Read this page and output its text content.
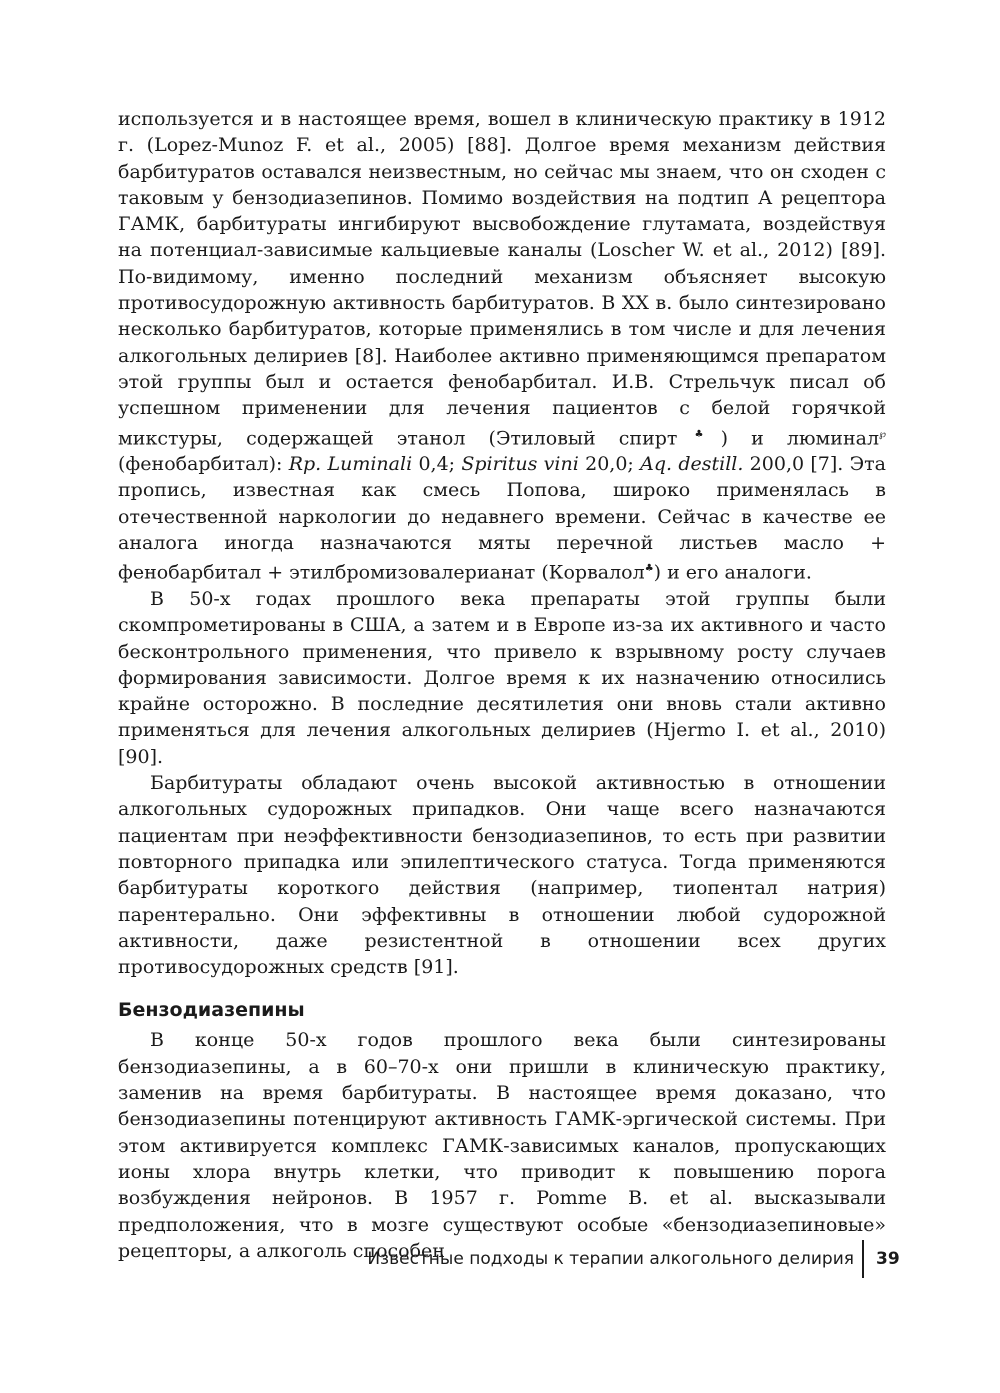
используется и в настоящее время, вошел в клиническую практику в 1912 г. (Lopez-Munoz F. et al., 2005) [88]. Долгое время механизм действия барбитуратов оставался неизвестным, но сейчас мы знаем, что он сходен с таковым у бензодиазепинов. Помимо воздействия на подтип А рецептора ГАМК, барбитураты ингибируют высвобождение глутамата, воздействуя на потенциал-зависимые кальциевые каналы (Loscher W. et al., 2012) [89]. По-видимому, именно последний механизм объясняет высокую противосудорожную активность барбитуратов. В XX в. было синтезировано несколько барбитуратов, которые применялись в том числе и для лечения алкогольных делириев [8]. Наиболее активно применяющимся препаратом этой группы был и остается фенобарбитал. И.В. Стрельчук писал об успешном применении для лечения пациентов с белой горячкой микстуры, содержащей этанол (Этиловый спирт♣) и люминал℘ (фенобарбитал): Rp. Luminali 0,4; Spiritus vini 20,0; Aq. destill. 200,0 [7]. Эта пропись, известная как смесь Попова, широко применялась в отечественной наркологии до недавнего времени. Сейчас в качестве ее аналога иногда назначаются мяты перечной листьев масло + фенобарбитал + этилбромизовалерианат (Корвалол♣) и его аналоги.

В 50-х годах прошлого века препараты этой группы были скомпрометированы в США, а затем и в Европе из-за их активного и часто бесконтрольного применения, что привело к взрывному росту случаев формирования зависимости. Долгое время к их назначению относились крайне осторожно. В последние десятилетия они вновь стали активно применяться для лечения алкогольных делириев (Hjermo I. et al., 2010) [90].

Барбитураты обладают очень высокой активностью в отношении алкогольных судорожных припадков. Они чаще всего назначаются пациентам при неэффективности бензодиазепинов, то есть при развитии повторного припадка или эпилептического статуса. Тогда применяются барбитураты короткого действия (например, тиопентал натрия) парентерально. Они эффективны в отношении любой судорожной активности, даже резистентной в отношении всех других противосудорожных средств [91].

Бензодиазепины

В конце 50-х годов прошлого века были синтезированы бензодиазепины, а в 60–70-х они пришли в клиническую практику, заменив на время барбитураты. В настоящее время доказано, что бензодиазепины потенцируют активность ГАМК-эргической системы. При этом активируется комплекс ГАМК-зависимых каналов, пропускающих ионы хлора внутрь клетки, что приводит к повышению порога возбуждения нейронов. В 1957 г. Pomme B. et al. высказывали предположения, что в мозге существуют особые «бензодиазепиновые» рецепторы, а алкоголь способен

Известные подходы к терапии алкогольного делирия 39
